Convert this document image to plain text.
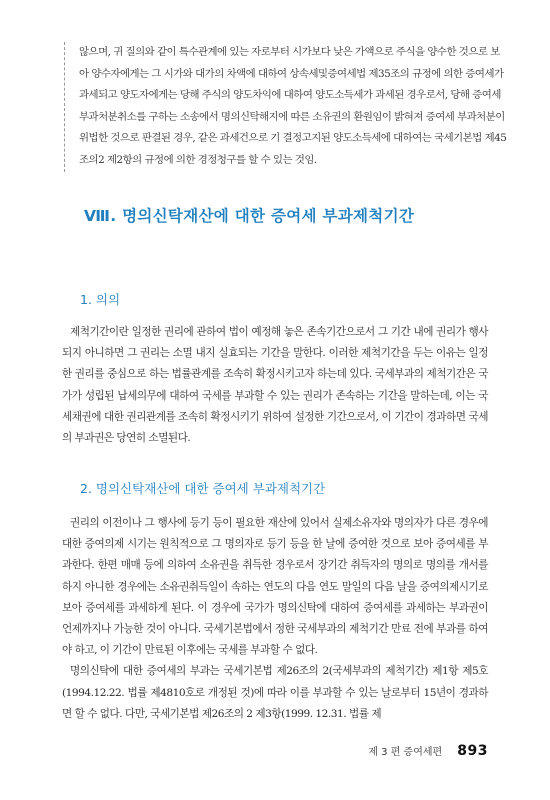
않으며, 귀 질의와 같이 특수관계에 있는 자로부터 시가보다 낮은 가액으로 주식을 양수한 것으로 보아 양수자에게는 그 시가와 대가의 차액에 대하여 상속세및증여세법 제35조의 규정에 의한 증여세가 과세되고 양도자에게는 당해 주식의 양도차익에 대하여 양도소득세가 과세된 경우로서, 당해 증여세부과처분취소를 구하는 소송에서 명의신탁해지에 따른 소유권의 환원임이 밝혀져 증여세 부과처분이 위법한 것으로 판결된 경우, 같은 과세건으로 기 결정고지된 양도소득세에 대하여는 국세기본법 제45조의2 제2항의 규정에 의한 경정청구를 할 수 있는 것임.

Ⅷ. 명의신탁재산에 대한 증여세 부과제척기간
1. 의의

제척기간이란 일정한 권리에 관하여 법이 예정해 놓은 존속기간으로서 그 기간 내에 권리가 행사되지 아니하면 그 권리는 소멸 내지 실효되는 기간을 말한다. 이러한 제척기간을 두는 이유는 일정한 권리를 중심으로 하는 법률관계를 조속히 확정시키고자 하는데 있다. 국세부과의 제척기간은 국가가 성립된 납세의무에 대하여 국세를 부과할 수 있는 권리가 존속하는 기간을 말하는데, 이는 국세채권에 대한 권리관계를 조속히 확정시키기 위하여 설정한 기간으로서, 이 기간이 경과하면 국세의 부과권은 당연히 소멸된다.

2. 명의신탁재산에 대한 증여세 부과제척기간

권리의 이전이나 그 행사에 등기 등이 필요한 재산에 있어서 실제소유자와 명의자가 다른 경우에 대한 증여의제 시기는 원칙적으로 그 명의자로 등기 등을 한 날에 증여한 것으로 보아 증여세를 부과한다. 한편 매매 등에 의하여 소유권을 취득한 경우로서 장기간 취득자의 명의로 명의를 개서를 하지 아니한 경우에는 소유권취득일이 속하는 연도의 다음 연도 말일의 다음 날을 증여의제시기로 보아 증여세를 과세하게 된다. 이 경우에 국가가 명의신탁에 대하여 증여세를 과세하는 부과권이 언제까지나 가능한 것이 아니다. 국세기본법에서 정한 국세부과의 제척기간 만료 전에 부과를 하여야 하고, 이 기간이 만료된 이후에는 국세를 부과할 수 없다.

명의신탁에 대한 증여세의 부과는 국세기본법 제26조의 2(국세부과의 제척기간) 제1항 제5호(1994.12.22. 법률 제4810호로 개정된 것)에 따라 이를 부과할 수 있는 날로부터 15년이 경과하면 할 수 없다. 다만, 국세기본법 제26조의 2 제3항(1999. 12.31. 법률 제

제 3 편 증여세편 893
